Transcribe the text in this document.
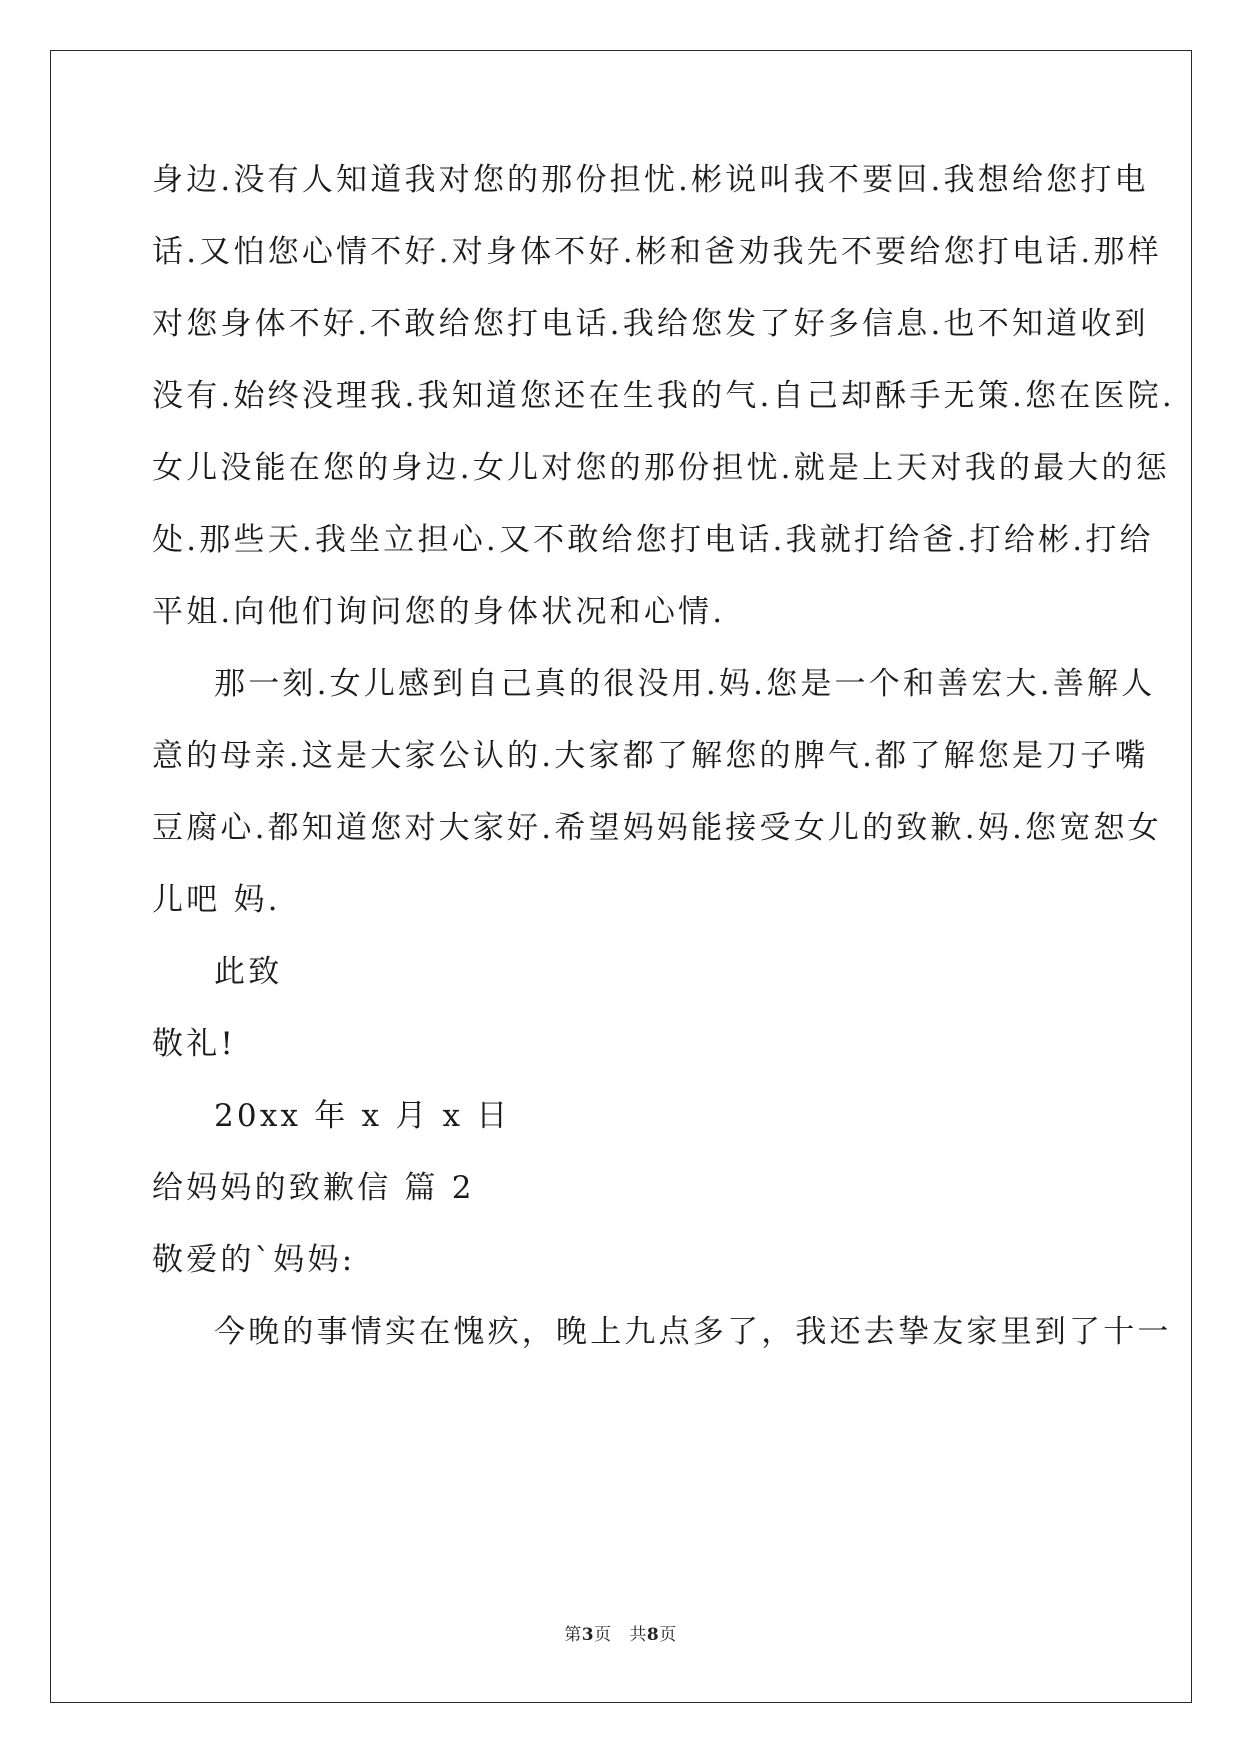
身边.没有人知道我对您的那份担忧.彬说叫我不要回.我想给您打电
话.又怕您心情不好.对身体不好.彬和爸劝我先不要给您打电话.那样
对您身体不好.不敢给您打电话.我给您发了好多信息.也不知道收到
没有.始终没理我.我知道您还在生我的气.自己却酥手无策.您在医院.
女儿没能在您的身边.女儿对您的那份担忧.就是上天对我的最大的惩
处.那些天.我坐立担心.又不敢给您打电话.我就打给爸.打给彬.打给
平姐.向他们询问您的身体状况和心情.
那一刻.女儿感到自己真的很没用.妈.您是一个和善宏大.善解人
意的母亲.这是大家公认的.大家都了解您的脾气.都了解您是刀子嘴
豆腐心.都知道您对大家好.希望妈妈能接受女儿的致歉.妈.您宽恕女
儿吧 妈.
此致
敬礼!
20xx 年 x 月 x 日
给妈妈的致歉信 篇 2
敬爱的`妈妈:
今晚的事情实在愧疚，晚上九点多了，我还去挚友家里到了十一
第3页   共8页
